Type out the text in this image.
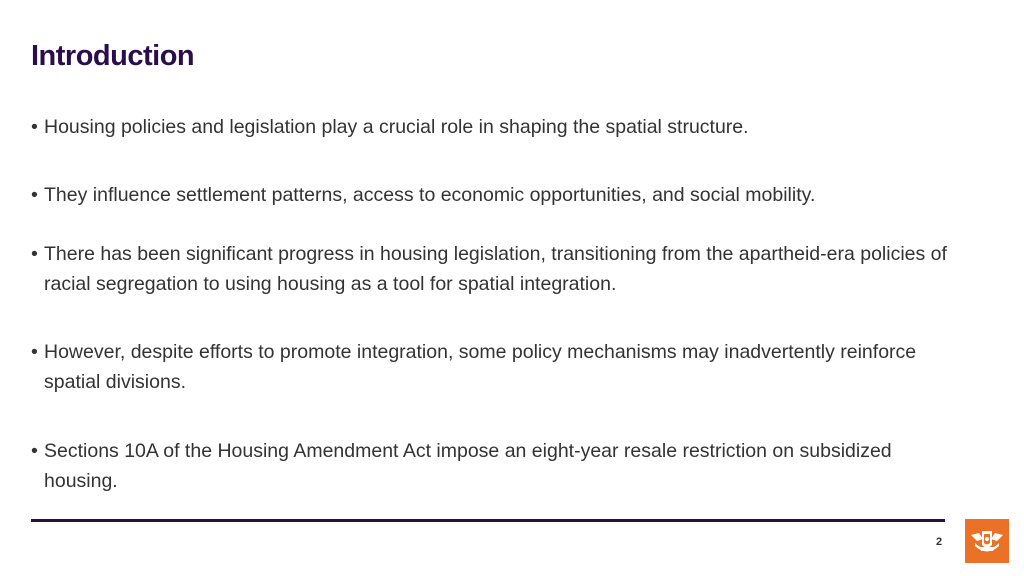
Introduction
• Housing policies and legislation play a crucial role in shaping the spatial structure.
• They influence settlement patterns, access to economic opportunities, and social mobility.
• There has been significant progress in housing legislation, transitioning from the apartheid-era policies of racial segregation to using housing as a tool for spatial integration.
• However, despite efforts to promote integration, some policy mechanisms may inadvertently reinforce spatial divisions.
• Sections 10A of the Housing Amendment Act impose an eight-year resale restriction on subsidized housing.
2
